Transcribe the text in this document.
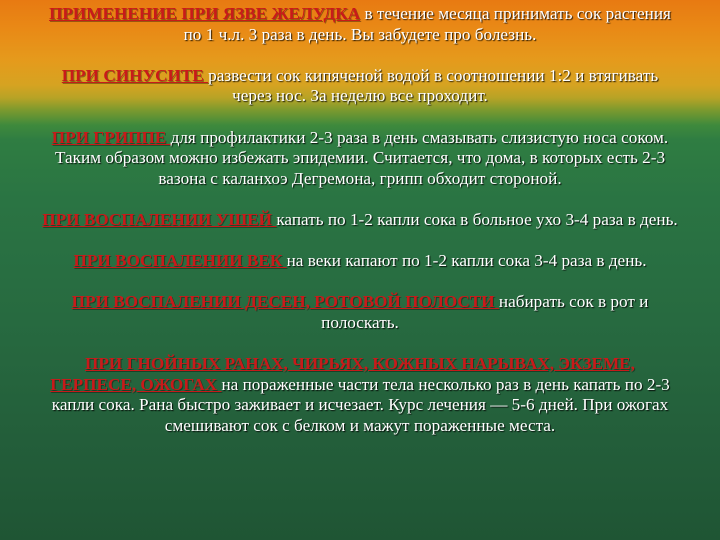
ПРИМЕНЕНИЕ ПРИ ЯЗВЕ ЖЕЛУДКА в течение месяца принимать сок растения по 1 ч.л. 3 раза в день. Вы забудете про болезнь.

ПРИ СИНУСИТЕ развести сок кипяченой водой в соотношении 1:2 и втягивать через нос. За неделю все проходит.

ПРИ ГРИППЕ для профилактики 2-3 раза в день смазывать слизистую носа соком. Таким образом можно избежать эпидемии. Считается, что дома, в которых есть 2-3 вазона с каланхоэ Дегремона, грипп обходит стороной.

ПРИ ВОСПАЛЕНИИ УШЕЙ капать по 1-2 капли сока в больное ухо 3-4 раза в день.

ПРИ ВОСПАЛЕНИИ ВЕК на веки капают по 1-2 капли сока 3-4 раза в день.

ПРИ ВОСПАЛЕНИИ ДЕСЕН, РОТОВОЙ ПОЛОСТИ набирать сок в рот и полоскать.

ПРИ ГНОЙНЫХ РАНАХ, ЧИРЬЯХ, КОЖНЫХ НАРЫВАХ, ЭКЗЕМЕ, ГЕРПЕСЕ, ОЖОГАХ на пораженные части тела несколько раз в день капать по 2-3 капли сока. Рана быстро заживает и исчезает. Курс лечения — 5-6 дней. При ожогах смешивают сок с белком и мажут пораженные места.
